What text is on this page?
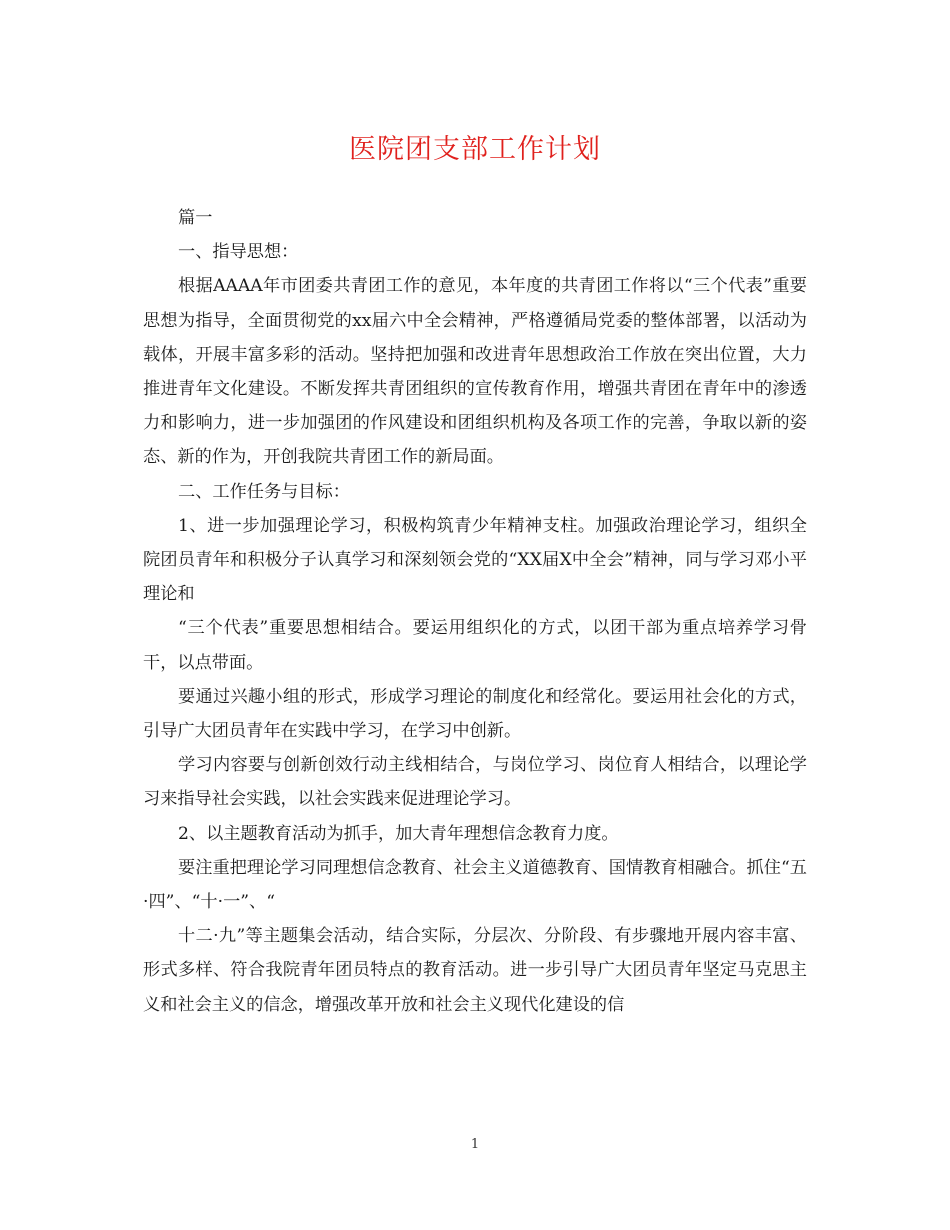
医院团支部工作计划

篇一

一、指导思想：

根据AAAA年市团委共青团工作的意见，本年度的共青团工作将以“三个代表”重要思想为指导，全面贯彻党的xx届六中全会精神，严格遵循局党委的整体部署，以活动为载体，开展丰富多彩的活动。坚持把加强和改进青年思想政治工作放在突出位置，大力推进青年文化建设。不断发挥共青团组织的宣传教育作用，增强共青团在青年中的渗透力和影响力，进一步加强团的作风建设和团组织机构及各项工作的完善，争取以新的姿态、新的作为，开创我院共青团工作的新局面。

二、工作任务与目标：

1、进一步加强理论学习，积极构筑青少年精神支柱。加强政治理论学习，组织全院团员青年和积极分子认真学习和深刻领会党的“XX届X中全会”精神，同与学习邓小平理论和

“三个代表”重要思想相结合。要运用组织化的方式，以团干部为重点培养学习骨干，以点带面。

要通过兴趣小组的形式，形成学习理论的制度化和经常化。要运用社会化的方式，引导广大团员青年在实践中学习，在学习中创新。

学习内容要与创新创效行动主线相结合，与岗位学习、岗位育人相结合，以理论学习来指导社会实践，以社会实践来促进理论学习。

2、以主题教育活动为抓手，加大青年理想信念教育力度。

要注重把理论学习同理想信念教育、社会主义道德教育、国情教育相融合。抓住“五·四”、“十·一”、“

十二·九”等主题集会活动，结合实际，分层次、分阶段、有步骤地开展内容丰富、形式多样、符合我院青年团员特点的教育活动。进一步引导广大团员青年坚定马克思主义和社会主义的信念，增强改革开放和社会主义现代化建设的信

1
